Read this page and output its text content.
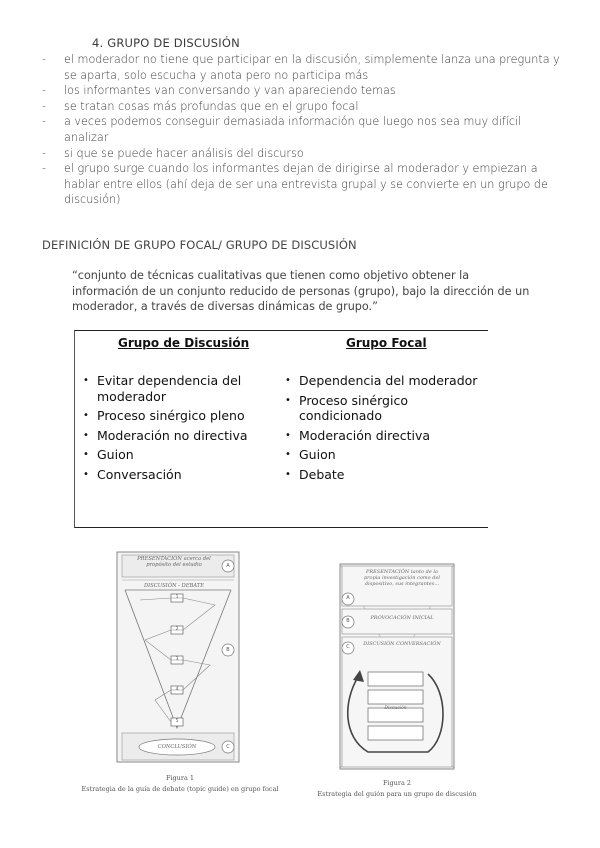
4. GRUPO DE DISCUSIÓN
- el moderador no tiene que participar en la discusión, simplemente lanza una pregunta y se aparta, solo escucha y anota pero no participa más
- los informantes van conversando y van apareciendo temas
- se tratan cosas más profundas que en el grupo focal
- a veces podemos conseguir demasiada información que luego nos sea muy difícil analizar
- si que se puede hacer análisis del discurso
- el grupo surge cuando los informantes dejan de dirigirse al moderador y empiezan a hablar entre ellos (ahí deja de ser una entrevista grupal y se convierte en un grupo de discusión)
DEFINICIÓN DE GRUPO FOCAL/ GRUPO DE DISCUSIÓN
“conjunto de técnicas cualitativas que tienen como objetivo obtener la información de un conjunto reducido de personas (grupo), bajo la dirección de un moderador, a través de diversas dinámicas de grupo.”
Grupo de Discusión	Grupo Focal
• Evitar dependencia del moderador
• Proceso sinérgico pleno
• Moderación no directiva
• Guion
• Conversación
• Dependencia del moderador
• Proceso sinérgico condicionado
• Moderación directiva
• Guion
• Debate
PRESENTACIÓN acerca del propósito del estudio
DISCUSIÓN - DEBATE
1
2
3
4
5
CONCLUSIÓN
A
B
C
Figura 1
Estrategia de la guía de debate (topic guide) en grupo focal
PRESENTACIÓN tanto de la propia investigación como del dispositivo, sus integrantes...
PROVOCACIÓN INICIAL
DISCUSIÓN CONVERSACIÓN
Discusión
A
B
C
Figura 2
Estrategia del guión para un grupo de discusión
